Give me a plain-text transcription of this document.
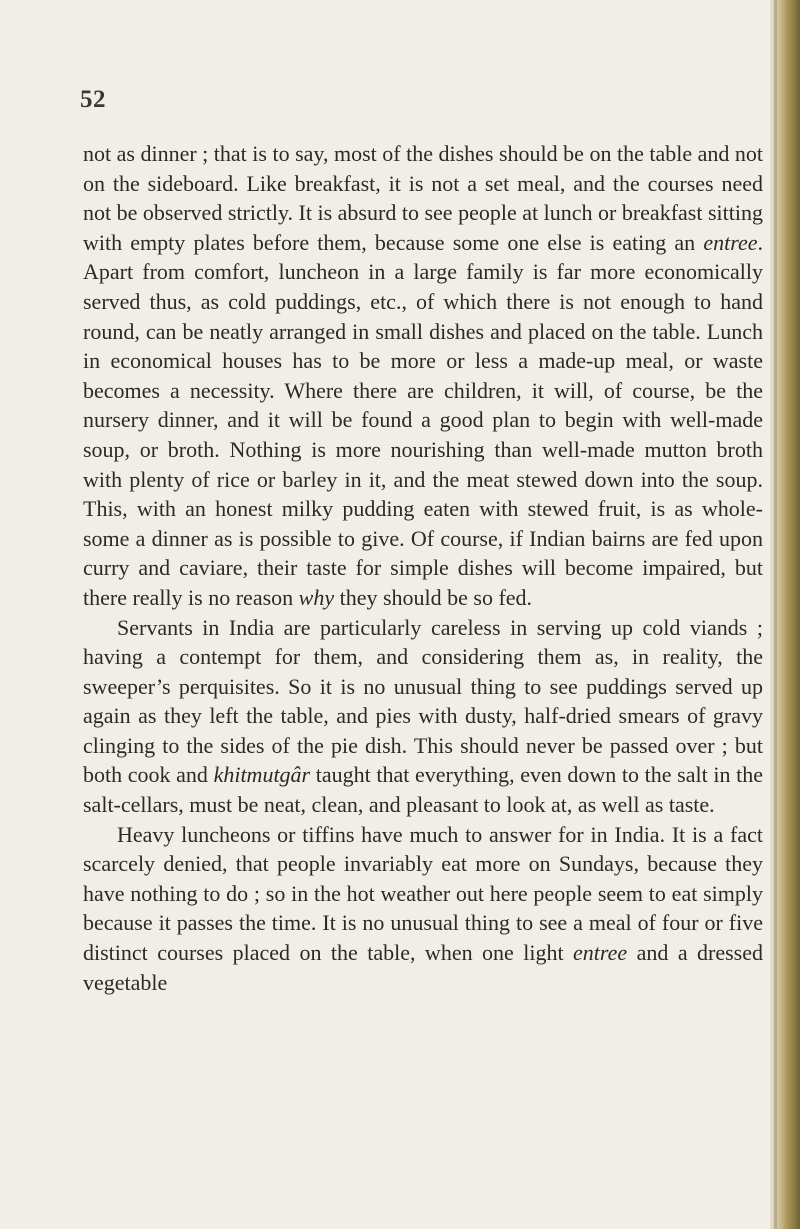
52

not as dinner ; that is to say, most of the dishes should be on the table and not on the sideboard. Like breakfast, it is not a set meal, and the courses need not be observed strictly. It is absurd to see people at lunch or breakfast sitting with empty plates before them, because some one else is eating an entree. Apart from comfort, luncheon in a large family is far more economically served thus, as cold puddings, etc., of which there is not enough to hand round, can be neatly arranged in small dishes and placed on the table. Lunch in economical houses has to be more or less a made-up meal, or waste becomes a necessity. Where there are children, it will, of course, be the nursery dinner, and it will be found a good plan to begin with well-made soup, or broth. Nothing is more nourishing than well-made mutton broth with plenty of rice or barley in it, and the meat stewed down into the soup. This, with an honest milky pudding eaten with stewed fruit, is as whole-some a dinner as is possible to give. Of course, if Indian bairns are fed upon curry and caviare, their taste for simple dishes will become impaired, but there really is no reason why they should be so fed.

Servants in India are particularly careless in serving up cold viands ; having a contempt for them, and considering them as, in reality, the sweeper’s perquisites. So it is no unusual thing to see puddings served up again as they left the table, and pies with dusty, half-dried smears of gravy clinging to the sides of the pie dish. This should never be passed over ; but both cook and khitmutgâr taught that everything, even down to the salt in the salt-cellars, must be neat, clean, and pleasant to look at, as well as taste.

Heavy luncheons or tiffins have much to answer for in India. It is a fact scarcely denied, that people invariably eat more on Sundays, because they have nothing to do ; so in the hot weather out here people seem to eat simply because it passes the time. It is no unusual thing to see a meal of four or five distinct courses placed on the table, when one light entree and a dressed vegetable
